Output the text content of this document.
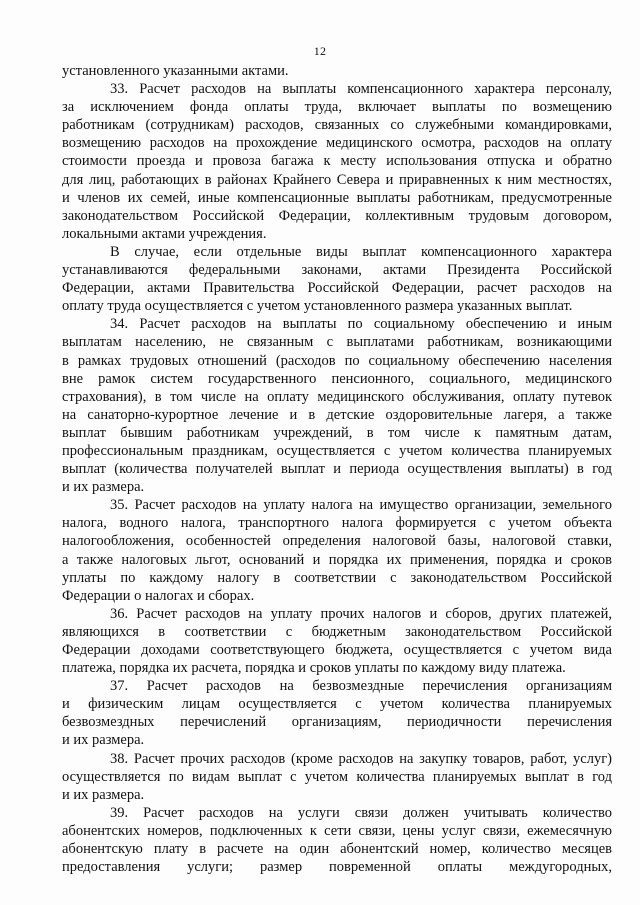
12
установленного указанными актами.
33. Расчет расходов на выплаты компенсационного характера персоналу,
за исключением фонда оплаты труда, включает выплаты по возмещению
работникам (сотрудникам) расходов, связанных со служебными командировками,
возмещению расходов на прохождение медицинского осмотра, расходов на оплату
стоимости проезда и провоза багажа к месту использования отпуска и обратно
для лиц, работающих в районах Крайнего Севера и приравненных к ним местностях,
и членов их семей, иные компенсационные выплаты работникам, предусмотренные
законодательством Российской Федерации, коллективным трудовым договором,
локальными актами учреждения.
В случае, если отдельные виды выплат компенсационного характера
устанавливаются федеральными законами, актами Президента Российской
Федерации, актами Правительства Российской Федерации, расчет расходов на
оплату труда осуществляется с учетом установленного размера указанных выплат.
34. Расчет расходов на выплаты по социальному обеспечению и иным
выплатам населению, не связанным с выплатами работникам, возникающими
в рамках трудовых отношений (расходов по социальному обеспечению населения
вне рамок систем государственного пенсионного, социального, медицинского
страхования), в том числе на оплату медицинского обслуживания, оплату путевок
на санаторно-курортное лечение и в детские оздоровительные лагеря, а также
выплат бывшим работникам учреждений, в том числе к памятным датам,
профессиональным праздникам, осуществляется с учетом количества планируемых
выплат (количества получателей выплат и периода осуществления выплаты) в год
и их размера.
35. Расчет расходов на уплату налога на имущество организации, земельного
налога, водного налога, транспортного налога формируется с учетом объекта
налогообложения, особенностей определения налоговой базы, налоговой ставки,
а также налоговых льгот, оснований и порядка их применения, порядка и сроков
уплаты по каждому налогу в соответствии с законодательством Российской
Федерации о налогах и сборах.
36. Расчет расходов на уплату прочих налогов и сборов, других платежей,
являющихся в соответствии с бюджетным законодательством Российской
Федерации доходами соответствующего бюджета, осуществляется с учетом вида
платежа, порядка их расчета, порядка и сроков уплаты по каждому виду платежа.
37. Расчет расходов на безвозмездные перечисления организациям
и физическим лицам осуществляется с учетом количества планируемых
безвозмездных перечислений организациям, периодичности перечисления
и их размера.
38. Расчет прочих расходов (кроме расходов на закупку товаров, работ, услуг)
осуществляется по видам выплат с учетом количества планируемых выплат в год
и их размера.
39. Расчет расходов на услуги связи должен учитывать количество
абонентских номеров, подключенных к сети связи, цены услуг связи, ежемесячную
абонентскую плату в расчете на один абонентский номер, количество месяцев
предоставления услуги; размер повременной оплаты междугородных,
